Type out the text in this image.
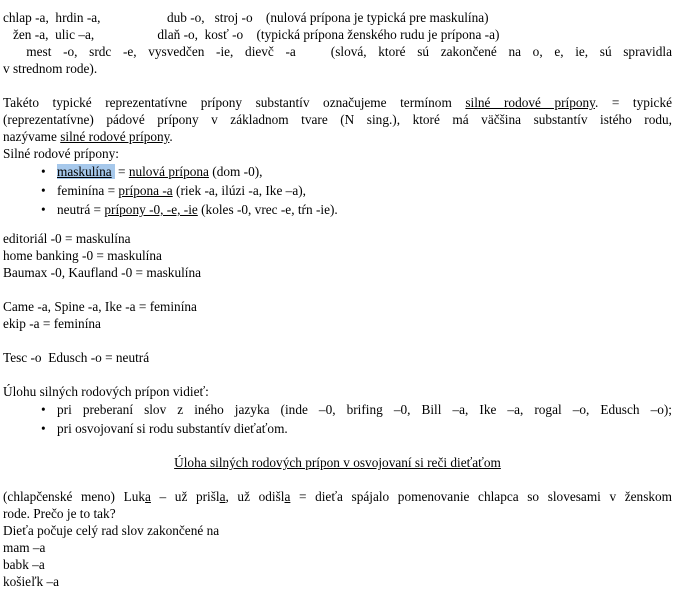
chlap -a,  hrdin -a,                    dub -o,   stroj -o    (nulová prípona je typická pre maskulína)
žen -a,  ulic –a,                   dlaň -o,  kosť -o    (typická prípona ženského rudu je prípona -a)
mest -o, srdc -e, vysvedčen -ie, dievč -a   (slová, ktoré sú zakončené na o, e, ie, sú spravidla
v strednom rode).
Takéto typické reprezentatívne prípony substantív označujeme termínom silné rodové prípony. = typické
(reprezentatívne) pádové prípony v základnom tvare (N sing.), ktoré má väčšina substantív istého rodu,
nazývame silné rodové prípony.
Silné rodové prípony:
• maskulína = nulová prípona (dom -0),
• feminína = prípona -a (riek -a, ilúzi -a, Ike –a),
• neutrá = prípony -0, -e, -ie (koles -0, vrec -e, tŕn -ie).
editoriál -0 = maskulína
home banking -0 = maskulína
Baumax -0, Kaufland -0 = maskulína
Came -a, Spine -a, Ike -a = feminína
ekip -a = feminína
Tesc -o  Edusch -o = neutrá
Úlohu silných rodových prípon vidieť:
• pri preberaní slov z iného jazyka (inde –0, brifing –0, Bill –a, Ike –a, rogal –o, Edusch –o);
• pri osvojovaní si rodu substantív dieťaťom.
Úloha silných rodových prípon v osvojovaní si reči dieťaťom
(chlapčenské meno) Luka – už prišla, už odišla = dieťa spájalo pomenovanie chlapca so slovesami v ženskom
rode. Prečo je to tak?
Dieťa počuje celý rad slov zakončené na
mam –a
babk –a
košieľk –a
